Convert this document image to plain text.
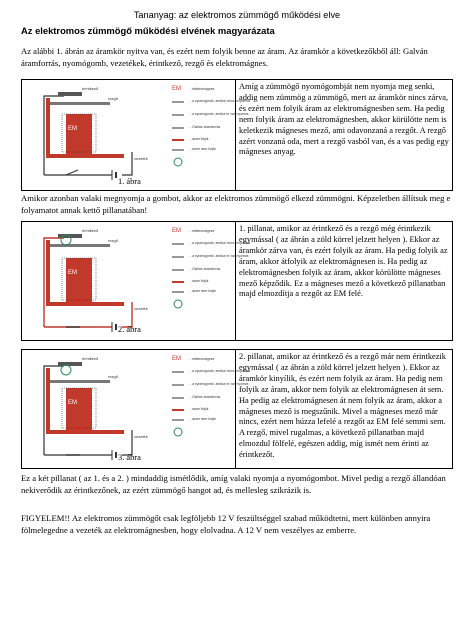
Tananyag: az elektromos zümmögő működési elve
Az elektromos zümmögő működési elvének magyarázata
Az alábbi 1. ábrán az áramkör nyitva van, és ezért nem folyik benne az áram. Az áramkör a következőkből áll: Galván áramforrás, nyomógomb, vezetékek, érintkező, rezgő és elektromágnes.
EM
rezgő
érintkező
vezeték
EM	- elektromágnes
- a nyomógomb, amikor nincs lenyomva
- a nyomógomb, amikor le van nyomva
- Galván áramforrás
- áram folyik
- áram nem folyik
1. ábra
Amíg a zümmögő nyomógombját nem nyomja meg senki, addig nem zümmög a zümmögő, mert az áramkör nincs zárva, és ezért nem folyik áram az elektromágnesben sem. Ha pedig nem folyik áram az elektromágnesben, akkor körülötte nem is keletkezik mágneses mező, ami odavonzaná a rezgőt. A rezgő azért vonzaná oda, mert a rezgő vasból van, és a vas pedig egy mágneses anyag.
Amikor azonban valaki megnyomja a gombot, akkor az elektromos zümmögő elkezd zümmögni. Képzeletben állítsuk meg e folyamatot annak kettő pillanatában!
EM
rezgő
érintkező
vezeték
EM	- elektromágnes
- a nyomógomb, amikor nincs lenyomva
- a nyomógomb, amikor le van nyomva
- Galván áramforrás
- áram folyik
- áram nem folyik
2. ábra
1. pillanat, amikor az érintkező és a rezgő még érintkezik egymással ( az ábrán a zöld körrel jelzett helyen ). Ekkor az áramkör zárva van, és ezért folyik az áram. Ha pedig folyik az áram, akkor átfolyik az elektromágnesen is. Ha pedig az elektromágnesben folyik az áram, akkor körülötte mágneses mező képződik. Ez a mágneses mező a következő pillanatban majd elmozdítja a rezgőt az EM felé.
EM
rezgő
érintkező
vezeték
EM	- elektromágnes
- a nyomógomb, amikor nincs lenyomva
- a nyomógomb, amikor le van nyomva
- Galván áramforrás
- áram folyik
- áram nem folyik
3. ábra
2. pillanat, amikor az érintkező és a rezgő már nem érintkezik egymással ( az ábrán a zöld körrel jelzett helyen ). Ekkor az áramkör kinyílik, és ezért nem folyik az áram. Ha pedig nem folyik az áram, akkor nem folyik az elektromágnesen át sem. Ha pedig az elektromágnesen át nem folyik az áram, akkor a mágneses mező is megszűnik. Mivel a mágneses mező már nincs, ezért nem húzza lefelé a rezgőt az EM felé semmi sem. A rezgő, mivel rugalmas, a következő pillanatban majd elmozdul fölfelé, egészen addig, míg ismét nem érinti az érintkezőt.
Ez a két pillanat ( az 1. és a 2. ) mindaddig ismétlődik, amíg valaki nyomja a nyomógombot. Mivel pedig a rezgő állandóan nekiverődik az érintkezőnek, az ezért zümmögő hangot ad, és mellesleg szikrázik is.
FIGYELEM!! Az elektromos zümmögőt csak legföljebb 12 V feszültséggel szabad működtetni, mert különben annyira fölmelegedne a vezeték az elektromágnesben, hogy elolvadna. A 12 V nem veszélyes az emberre.
